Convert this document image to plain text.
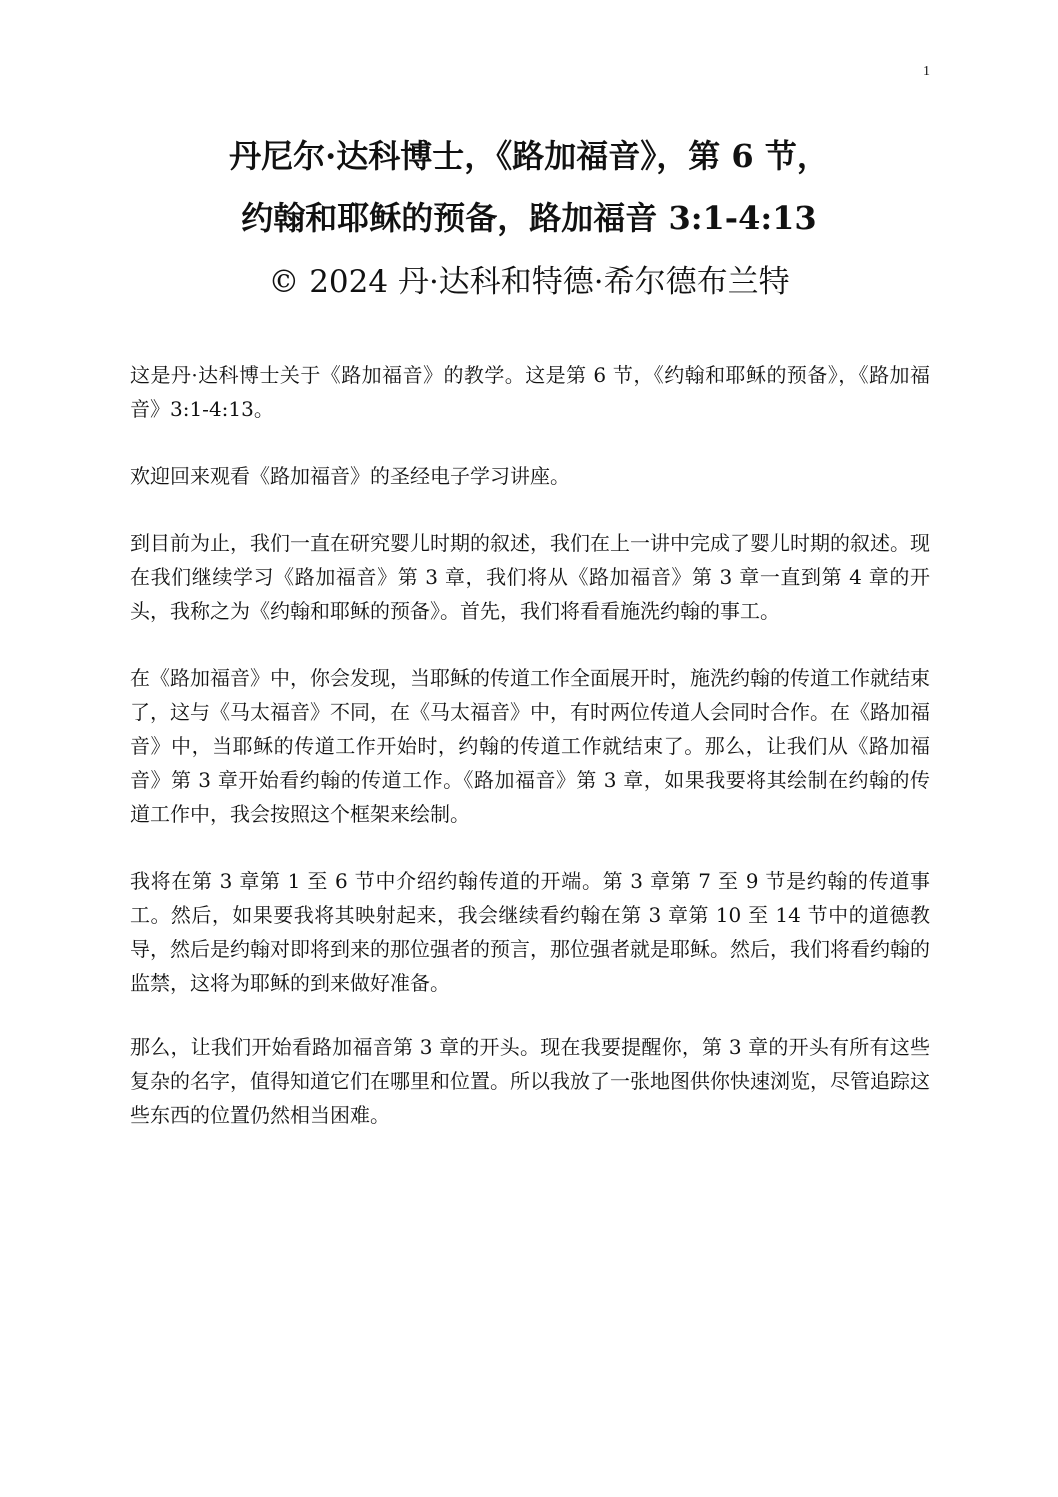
1
丹尼尔·达科博士，《路加福音》，第 6 节，
约翰和耶稣的预备，路加福音 3:1-4:13
© 2024 丹·达科和特德·希尔德布兰特

这是丹·达科博士关于《路加福音》的教学。这是第 6 节，《约翰和耶稣的预备》，《路加福音》3:1-4:13。

欢迎回来观看《路加福音》的圣经电子学习讲座。

到目前为止，我们一直在研究婴儿时期的叙述，我们在上一讲中完成了婴儿时期的叙述。现在我们继续学习《路加福音》第 3 章，我们将从《路加福音》第 3 章一直到第 4 章的开头，我称之为《约翰和耶稣的预备》。首先，我们将看看施洗约翰的事工。

在《路加福音》中，你会发现，当耶稣的传道工作全面展开时，施洗约翰的传道工作就结束了，这与《马太福音》不同，在《马太福音》中，有时两位传道人会同时合作。在《路加福音》中，当耶稣的传道工作开始时，约翰的传道工作就结束了。那么，让我们从《路加福音》第 3 章开始看约翰的传道工作。《路加福音》第 3 章，如果我要将其绘制在约翰的传道工作中，我会按照这个框架来绘制。

我将在第 3 章第 1 至 6 节中介绍约翰传道的开端。第 3 章第 7 至 9 节是约翰的传道事工。然后，如果要我将其映射起来，我会继续看约翰在第 3 章第 10 至 14 节中的道德教导，然后是约翰对即将到来的那位强者的预言，那位强者就是耶稣。然后，我们将看约翰的监禁，这将为耶稣的到来做好准备。

那么，让我们开始看路加福音第 3 章的开头。现在我要提醒你，第 3 章的开头有所有这些复杂的名字，值得知道它们在哪里和位置。所以我放了一张地图供你快速浏览，尽管追踪这些东西的位置仍然相当困难。
